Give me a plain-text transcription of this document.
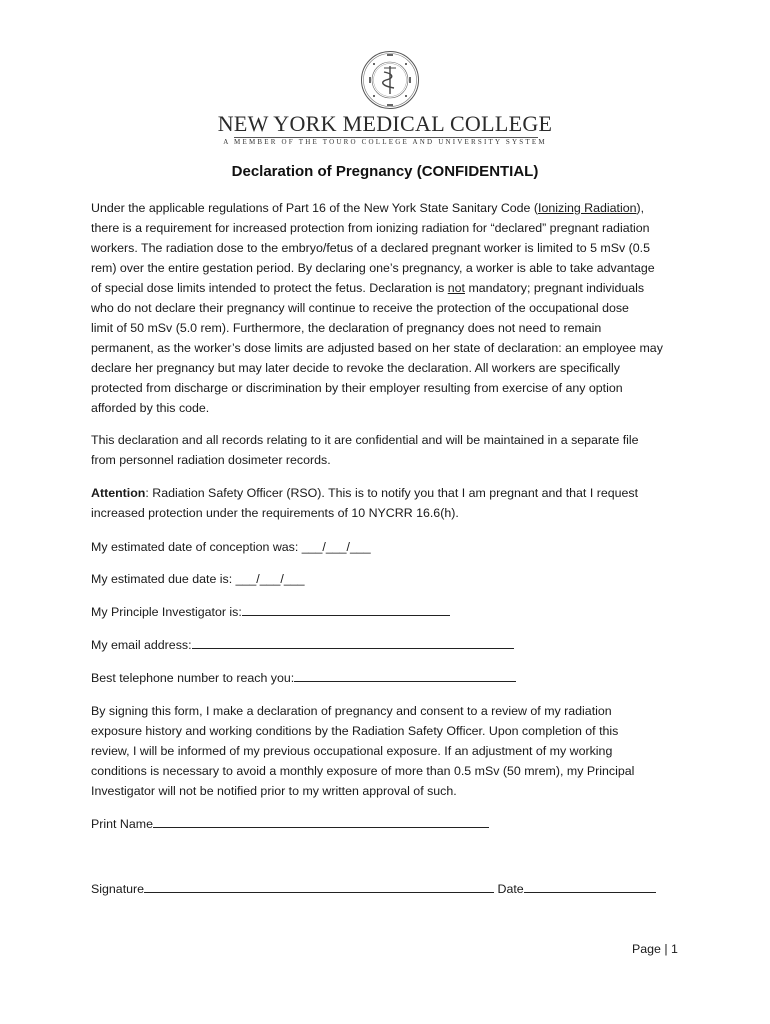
NEW YORK MEDICAL COLLEGE
A MEMBER OF THE TOURO COLLEGE AND UNIVERSITY SYSTEM
Declaration of Pregnancy (CONFIDENTIAL)
Under the applicable regulations of Part 16 of the New York State Sanitary Code (Ionizing Radiation),
there is a requirement for increased protection from ionizing radiation for “declared” pregnant radiation
workers. The radiation dose to the embryo/fetus of a declared pregnant worker is limited to 5 mSv (0.5
rem) over the entire gestation period. By declaring one’s pregnancy, a worker is able to take advantage
of special dose limits intended to protect the fetus. Declaration is not mandatory; pregnant individuals
who do not declare their pregnancy will continue to receive the protection of the occupational dose
limit of 50 mSv (5.0 rem). Furthermore, the declaration of pregnancy does not need to remain
permanent, as the worker’s dose limits are adjusted based on her state of declaration: an employee may
declare her pregnancy but may later decide to revoke the declaration. All workers are specifically
protected from discharge or discrimination by their employer resulting from exercise of any option
afforded by this code.
This declaration and all records relating to it are confidential and will be maintained in a separate file
from personnel radiation dosimeter records.
Attention: Radiation Safety Officer (RSO). This is to notify you that I am pregnant and that I request
increased protection under the requirements of 10 NYCRR 16.6(h).
My estimated date of conception was: ___/___/___
My estimated due date is: ___/___/___
My Principle Investigator is:
My email address:
Best telephone number to reach you:
By signing this form, I make a declaration of pregnancy and consent to a review of my radiation
exposure history and working conditions by the Radiation Safety Officer. Upon completion of this
review, I will be informed of my previous occupational exposure. If an adjustment of my working
conditions is necessary to avoid a monthly exposure of more than 0.5 mSv (50 mrem), my Principal
Investigator will not be notified prior to my written approval of such.
Print Name
Signature	Date
Page | 1
